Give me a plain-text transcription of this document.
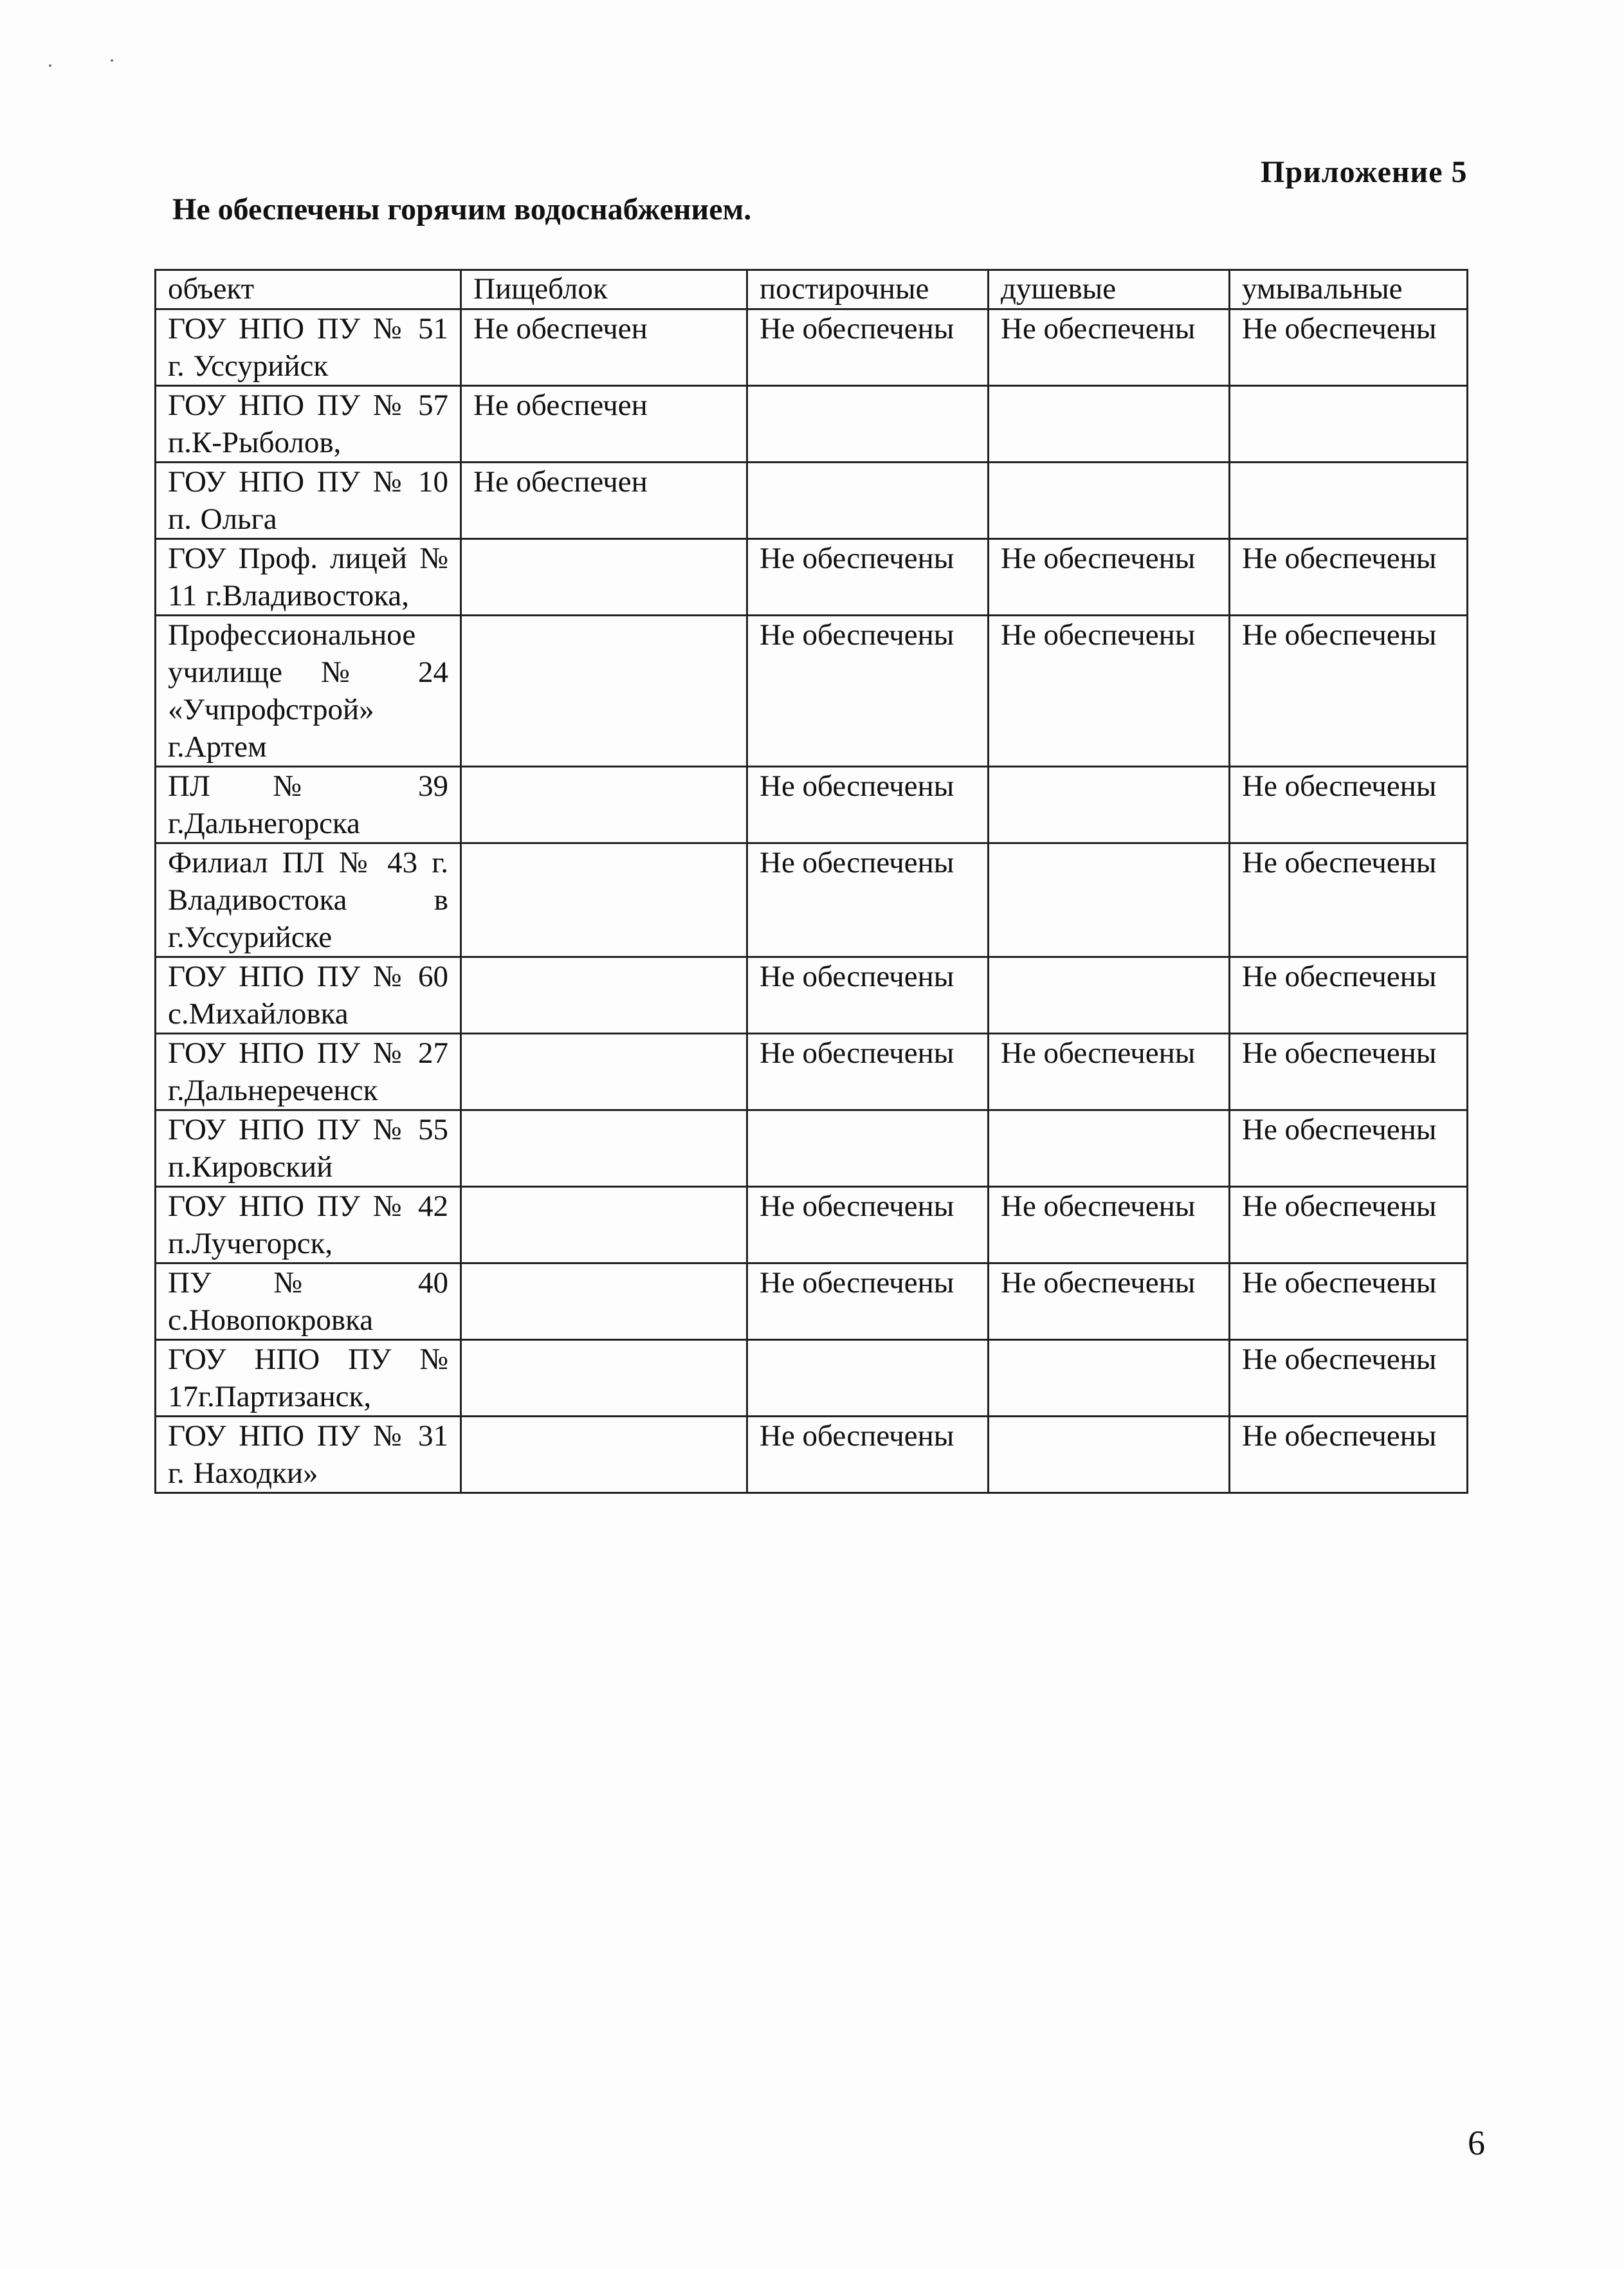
Приложение 5
Не обеспечены горячим водоснабжением.
объект	Пищеблок	постирочные	душевые	умывальные
ГОУ НПО ПУ № 51 г. Уссурийск	Не обеспечен	Не обеспечены	Не обеспечены	Не обеспечены
ГОУ НПО ПУ № 57 п.К-Рыболов,	Не обеспечен			
ГОУ НПО ПУ № 10 п. Ольга	Не обеспечен			
ГОУ Проф. лицей № 11 г.Владивостока,		Не обеспечены	Не обеспечены	Не обеспечены
Профессиональное училище № 24 «Учпрофстрой» г.Артем		Не обеспечены	Не обеспечены	Не обеспечены
ПЛ № 39 г.Дальнегорска		Не обеспечены		Не обеспечены
Филиал ПЛ № 43 г. Владивостока в г.Уссурийске		Не обеспечены		Не обеспечены
ГОУ НПО ПУ № 60 с.Михайловка		Не обеспечены		Не обеспечены
ГОУ НПО ПУ № 27 г.Дальнереченск		Не обеспечены	Не обеспечены	Не обеспечены
ГОУ НПО ПУ № 55 п.Кировский				Не обеспечены
ГОУ НПО ПУ № 42 п.Лучегорск,		Не обеспечены	Не обеспечены	Не обеспечены
ПУ № 40 с.Новопокровка		Не обеспечены	Не обеспечены	Не обеспечены
ГОУ НПО ПУ № 17г.Партизанск,				Не обеспечены
ГОУ НПО ПУ № 31 г. Находки»		Не обеспечены		Не обеспечены
6
